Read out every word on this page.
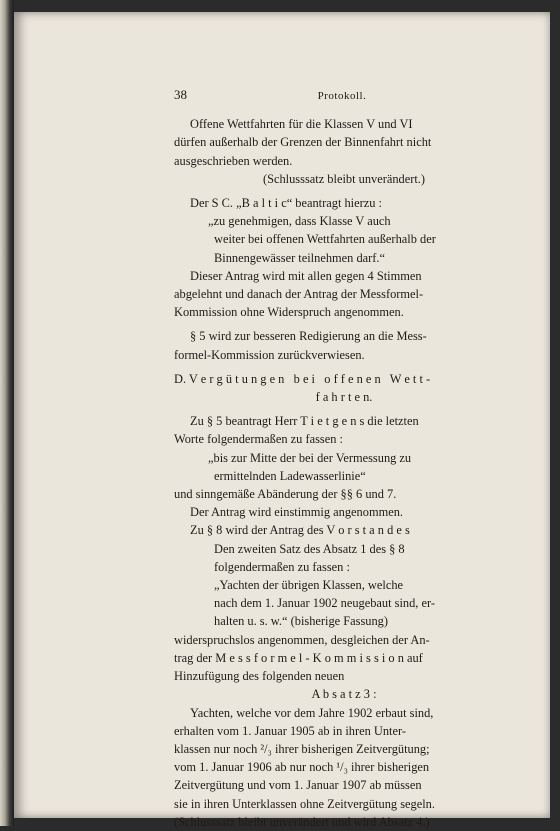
38	Protokoll.

Offene Wettfahrten für die Klassen V und VI

dürfen außerhalb der Grenzen der Binnenfahrt nicht

ausgeschrieben werden.

(Schlusssatz bleibt unverändert.)

Der S C. „B a l t i c“ beantragt hierzu :

„zu genehmigen, dass Klasse V auch

weiter bei offenen Wettfahrten außerhalb der

Binnengewässer teilnehmen darf.“

Dieser Antrag wird mit allen gegen 4 Stimmen

abgelehnt und danach der Antrag der Messformel-

Kommission ohne Widerspruch angenommen.

§ 5 wird zur besseren Redigierung an die Mess-

formel-Kommission zurückverwiesen.

D. V e r g ü t u n g e n   b e i   o f f e n e n   W e t t -

f a h r t e n.

Zu § 5 beantragt Herr T i e t g e n s die letzten

Worte folgendermaßen zu fassen :

„bis zur Mitte der bei der Vermessung zu

ermittelnden Ladewasserlinie“

und sinngemäße Abänderung der §§ 6 und 7.

Der Antrag wird einstimmig angenommen.

Zu § 8 wird der Antrag des V o r s t a n d e s

Den zweiten Satz des Absatz 1 des § 8

folgendermaßen zu fassen :

„Yachten der übrigen Klassen, welche

nach dem 1. Januar 1902 neugebaut sind, er-

halten u. s. w.“ (bisherige Fassung)

widerspruchslos angenommen, desgleichen der An-

trag der M e s s f o r m e l - K o m m i s s i o n auf

Hinzufügung des folgenden neuen

A b s a t z 3 :

Yachten, welche vor dem Jahre 1902 erbaut sind,

erhalten vom 1. Januar 1905 ab in ihren Unter-

klassen nur noch ²/₃ ihrer bisherigen Zeitvergütung;

vom 1. Januar 1906 ab nur noch ¹/₃ ihrer bisherigen

Zeitvergütung und vom 1. Januar 1907 ab müssen

sie in ihren Unterklassen ohne Zeitvergütung segeln.

(Schlusssatz bleibt unverändert und wird Absatz 4.)
